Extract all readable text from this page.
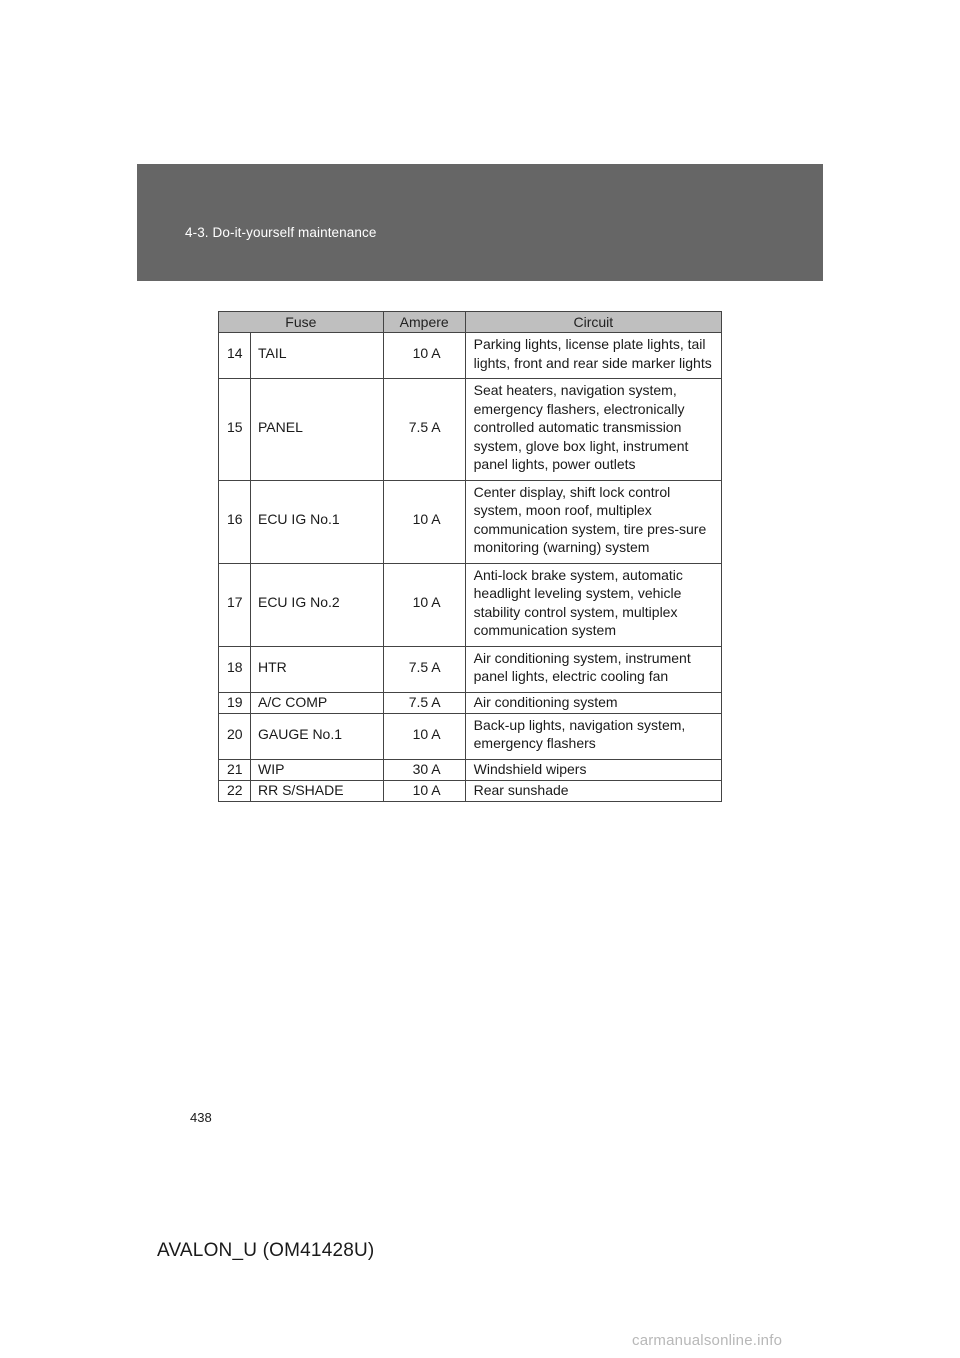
4-3. Do-it-yourself maintenance
Fuse		Ampere	Circuit
14	TAIL	10 A	Parking lights, license plate lights, tail lights, front and rear side marker lights
15	PANEL	7.5 A	Seat heaters, navigation system, emergency flashers, electronically controlled automatic transmission system, glove box light, instrument panel lights, power outlets
16	ECU IG No.1	10 A	Center display, shift lock control system, moon roof, multiplex communication system, tire pres-sure monitoring (warning) system
17	ECU IG No.2	10 A	Anti-lock brake system, automatic headlight leveling system, vehicle stability control system, multiplex communication system
18	HTR	7.5 A	Air conditioning system, instrument panel lights, electric cooling fan
19	A/C COMP	7.5 A	Air conditioning system
20	GAUGE No.1	10 A	Back-up lights, navigation system, emergency flashers
21	WIP	30 A	Windshield wipers
22	RR S/SHADE	10 A	Rear sunshade
438
AVALON_U (OM41428U)
carmanualsonline.info
